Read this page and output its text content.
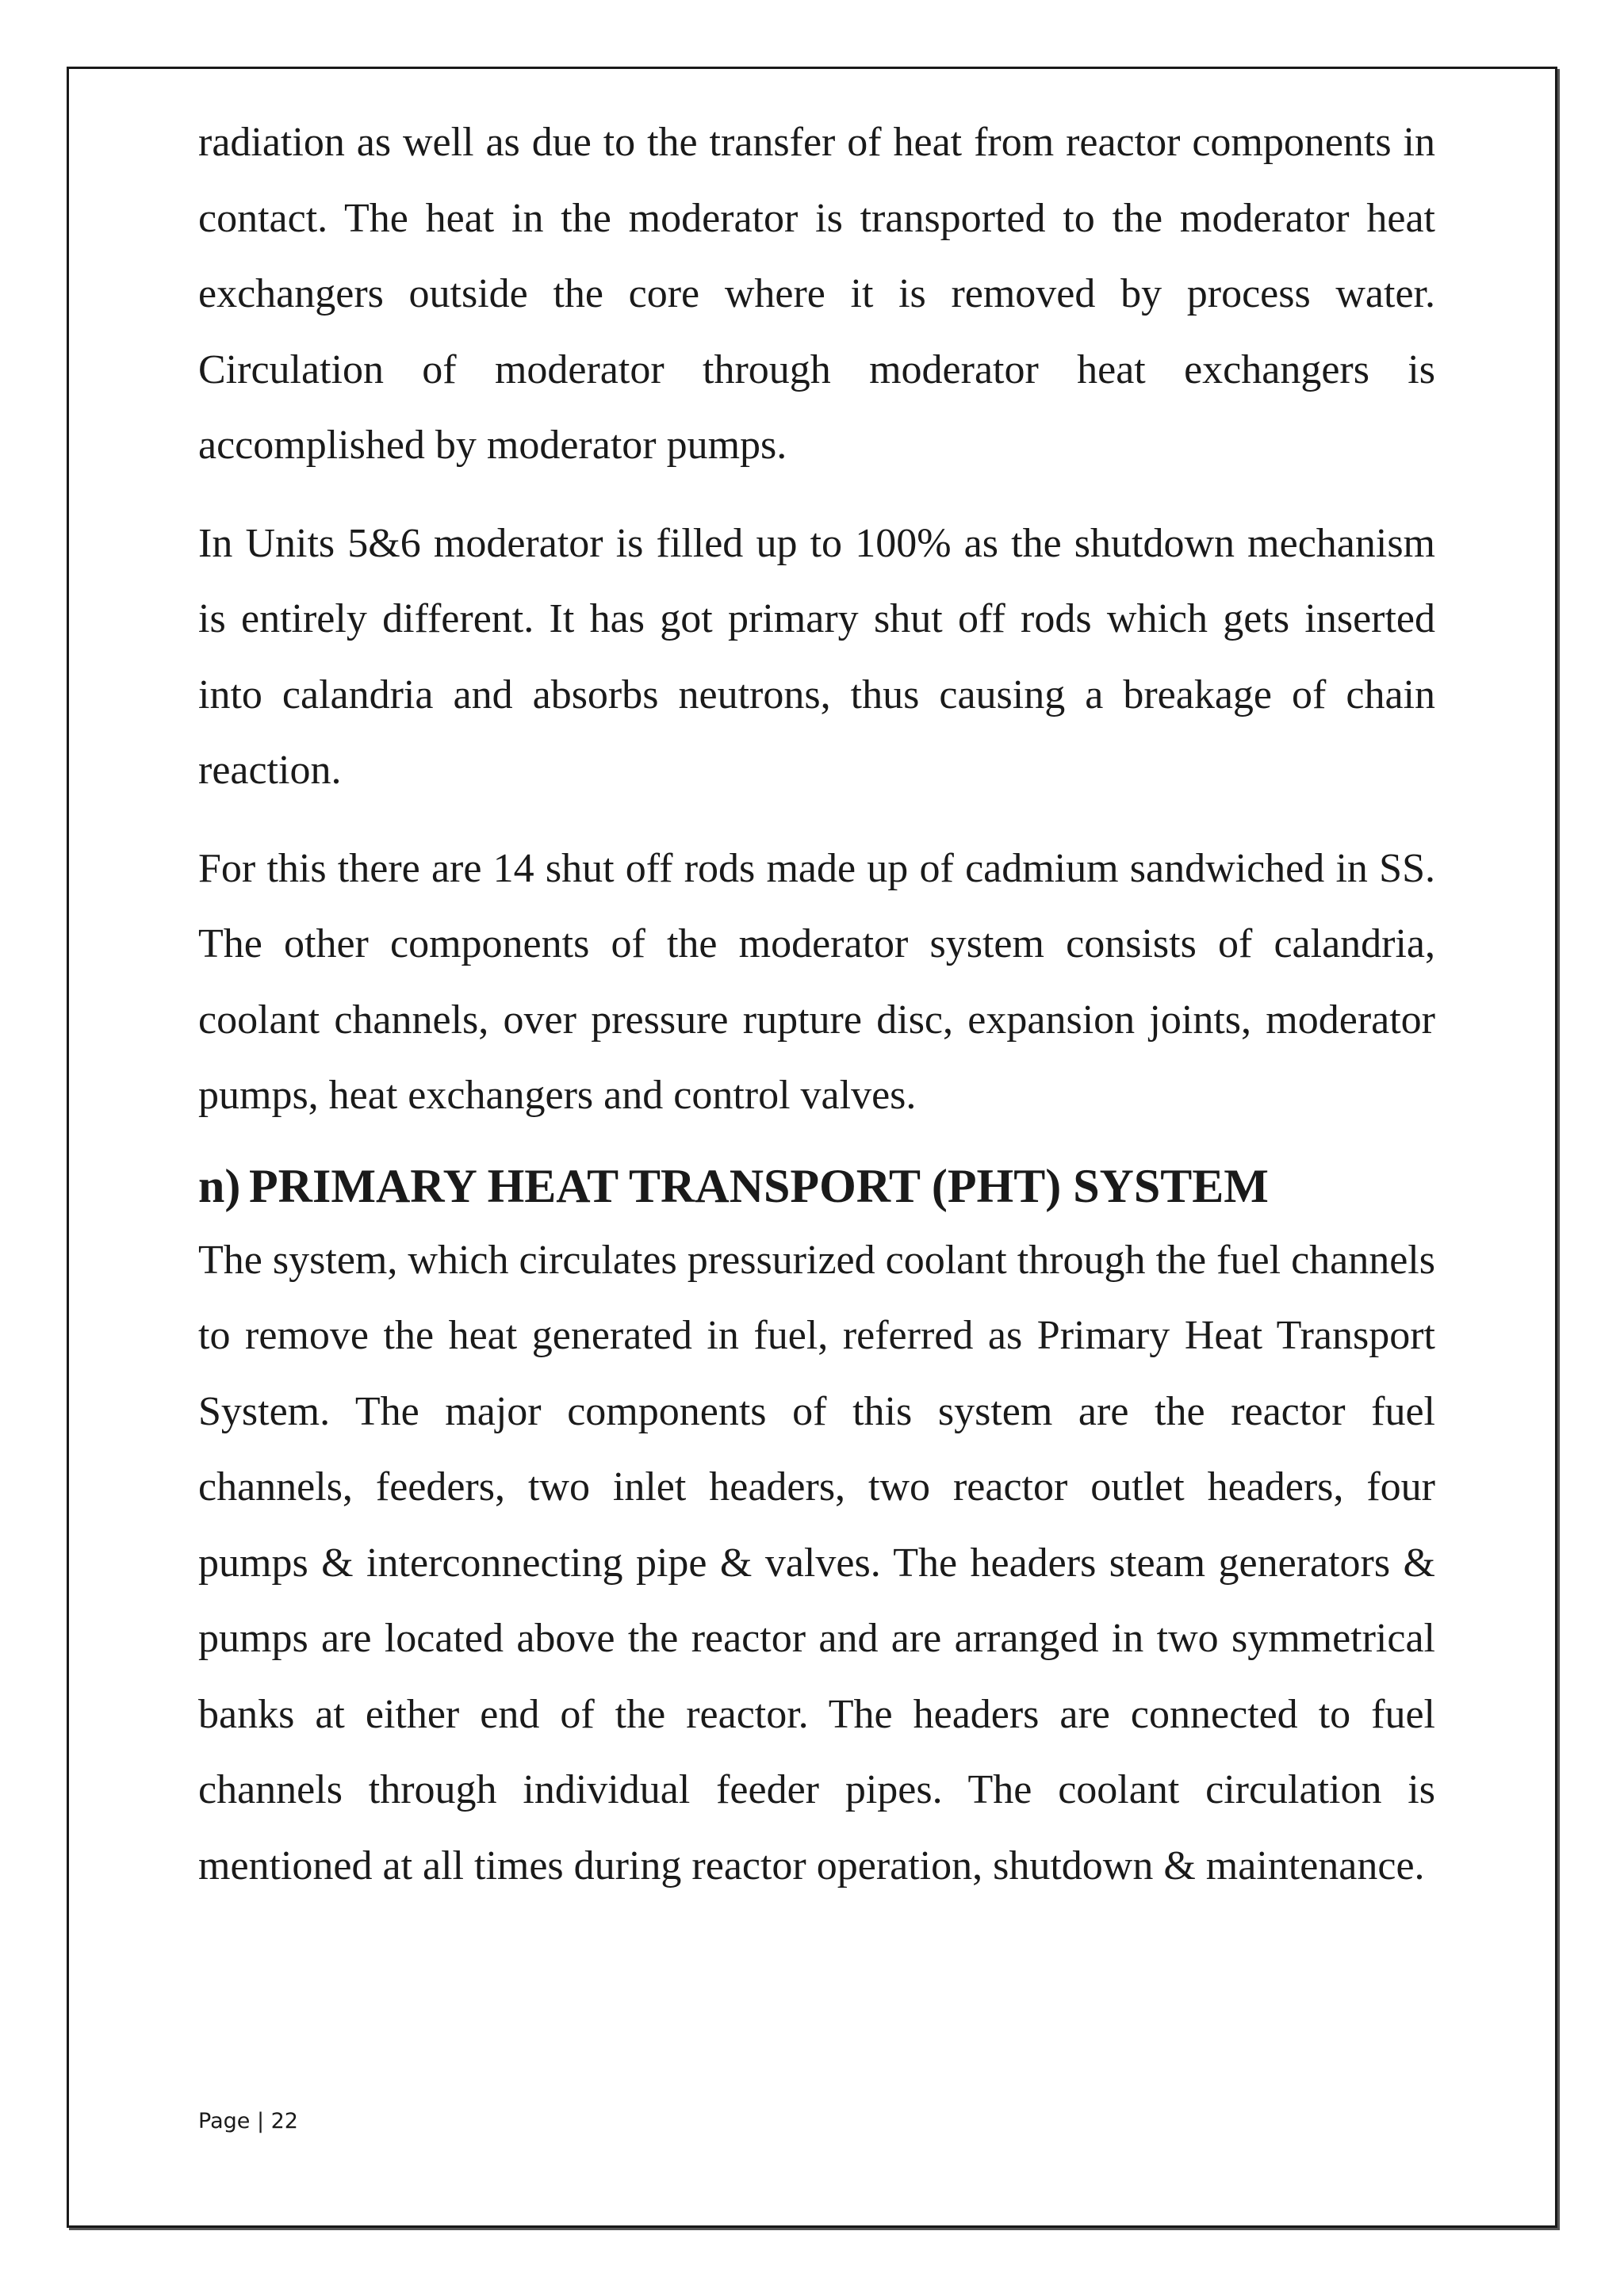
radiation as well as due to the transfer of heat from reactor components in contact. The heat in the moderator is transported to the moderator heat exchangers outside the core where it is removed by process water. Circulation of moderator through moderator heat exchangers is accomplished by moderator pumps.

In Units 5&6 moderator is filled up to 100% as the shutdown mechanism is entirely different. It has got primary shut off rods which gets inserted into calandria and absorbs neutrons, thus causing a breakage of chain reaction.

For this there are 14 shut off rods made up of cadmium sandwiched in SS. The other components of the moderator system consists of calandria, coolant channels, over pressure rupture disc, expansion joints, moderator pumps, heat exchangers and control valves.

n) PRIMARY HEAT TRANSPORT (PHT) SYSTEM

The system, which circulates pressurized coolant through the fuel channels to remove the heat generated in fuel, referred as Primary Heat Transport System. The major components of this system are the reactor fuel channels, feeders, two inlet headers, two reactor outlet headers, four pumps & interconnecting pipe & valves. The headers steam generators & pumps are located above the reactor and are arranged in two symmetrical banks at either end of the reactor. The headers are connected to fuel channels through individual feeder pipes. The coolant circulation is mentioned at all times during reactor operation, shutdown & maintenance.

Page | 22
